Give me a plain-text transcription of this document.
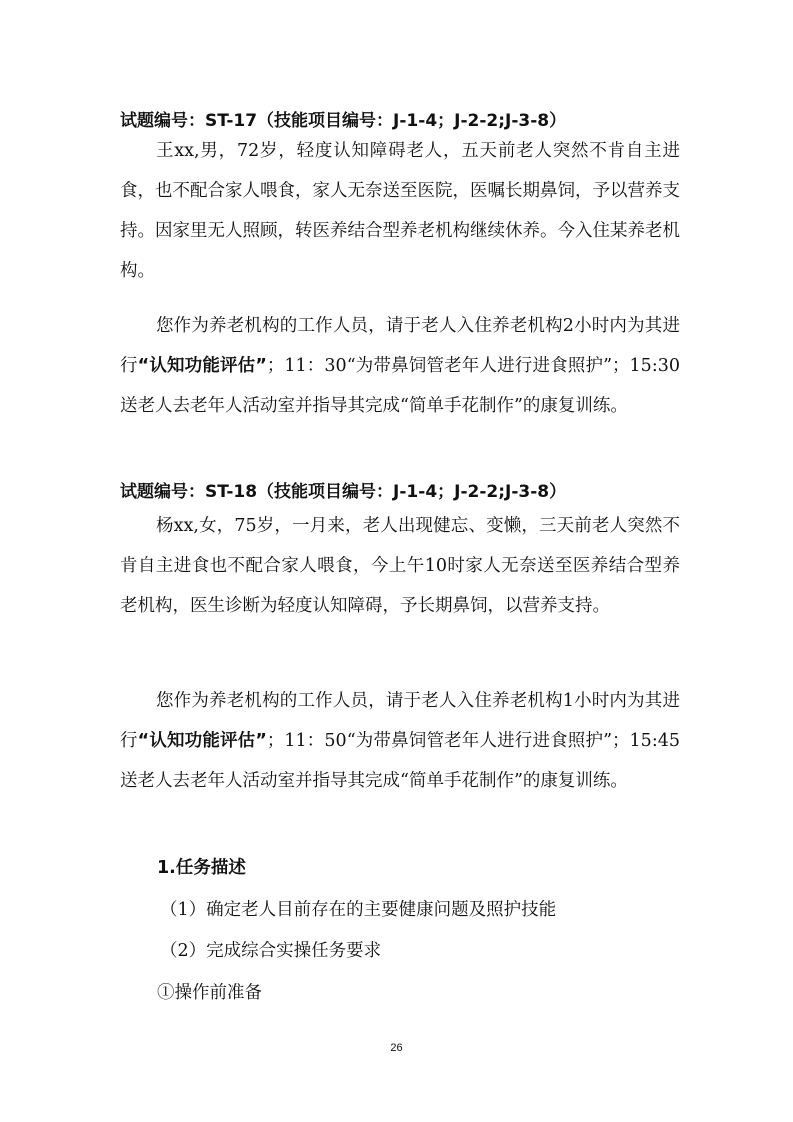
试题编号：ST-17（技能项目编号：J-1-4；J-2-2;J-3-8）
王xx,男，72岁，轻度认知障碍老人，五天前老人突然不肯自主进食，也不配合家人喂食，家人无奈送至医院，医嘱长期鼻饲，予以营养支持。因家里无人照顾，转医养结合型养老机构继续休养。今入住某养老机构。
您作为养老机构的工作人员，请于老人入住养老机构2小时内为其进行“认知功能评估”；11：30“为带鼻饲管老年人进行进食照护”；15:30送老人去老年人活动室并指导其完成“简单手花制作”的康复训练。
试题编号：ST-18（技能项目编号：J-1-4；J-2-2;J-3-8）
杨xx,女，75岁，一月来，老人出现健忘、变懒，三天前老人突然不肯自主进食也不配合家人喂食，今上午10时家人无奈送至医养结合型养老机构，医生诊断为轻度认知障碍，予长期鼻饲，以营养支持。
您作为养老机构的工作人员，请于老人入住养老机构1小时内为其进行“认知功能评估”；11：50“为带鼻饲管老年人进行进食照护”；15:45送老人去老年人活动室并指导其完成“简单手花制作”的康复训练。
1.任务描述
（1）确定老人目前存在的主要健康问题及照护技能
（2）完成综合实操任务要求
①操作前准备
26
